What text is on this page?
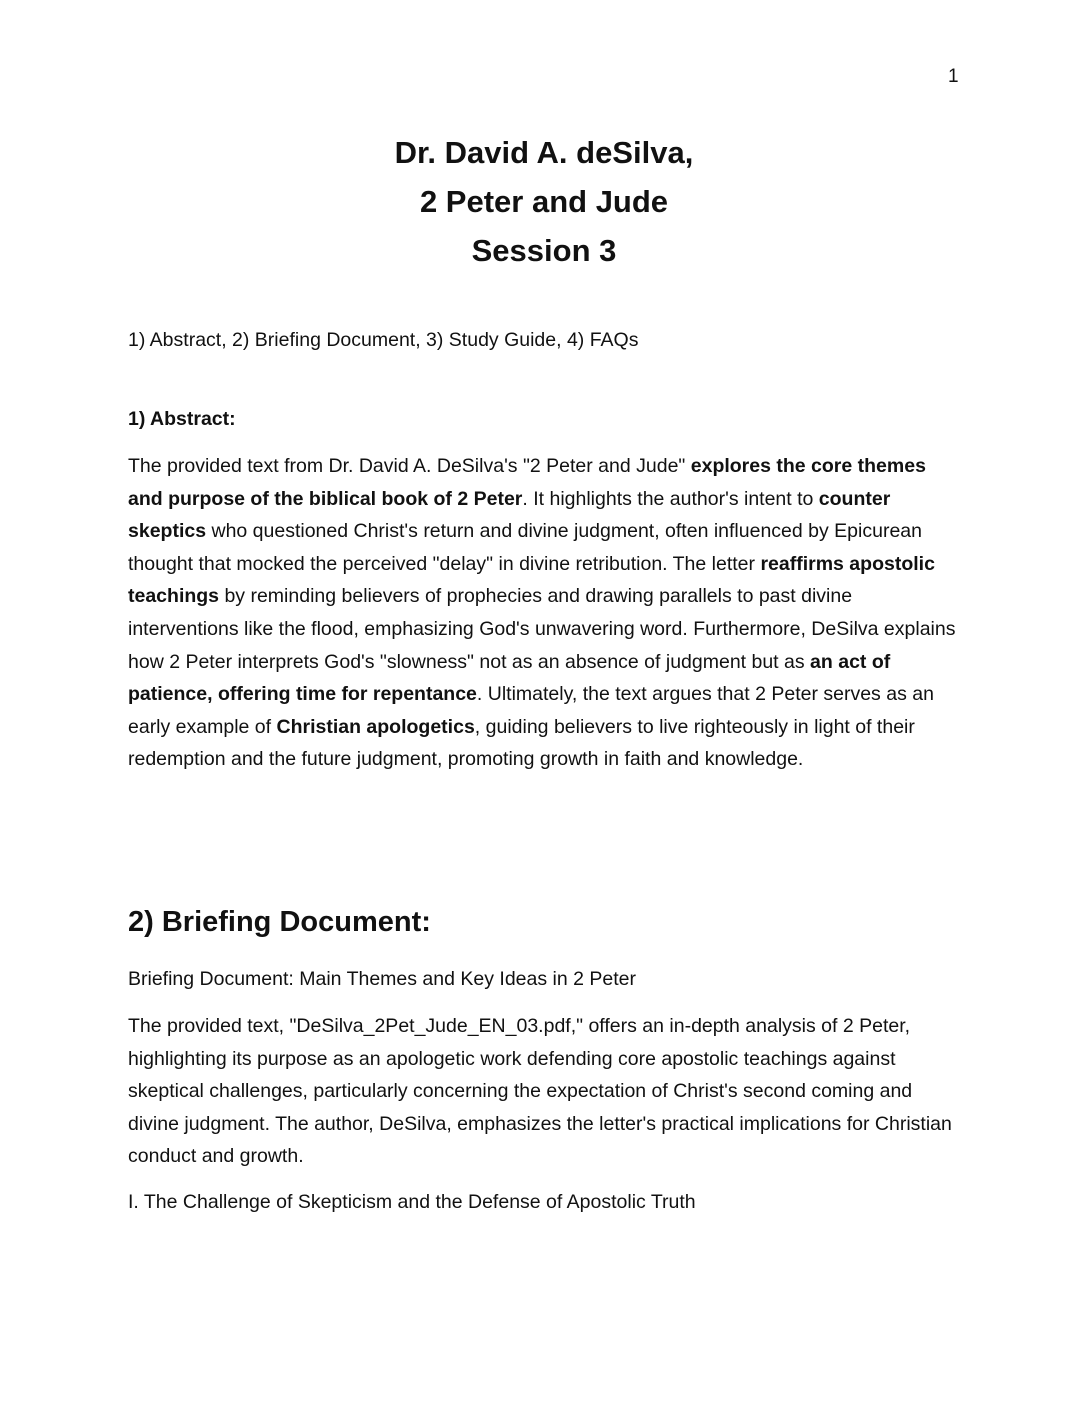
1
Dr. David A. deSilva,
2 Peter and Jude
Session 3
1) Abstract, 2) Briefing Document, 3) Study Guide, 4) FAQs
1) Abstract:
The provided text from Dr. David A. DeSilva's "2 Peter and Jude" explores the core themes and purpose of the biblical book of 2 Peter. It highlights the author's intent to counter skeptics who questioned Christ's return and divine judgment, often influenced by Epicurean thought that mocked the perceived "delay" in divine retribution. The letter reaffirms apostolic teachings by reminding believers of prophecies and drawing parallels to past divine interventions like the flood, emphasizing God's unwavering word. Furthermore, DeSilva explains how 2 Peter interprets God's "slowness" not as an absence of judgment but as an act of patience, offering time for repentance. Ultimately, the text argues that 2 Peter serves as an early example of Christian apologetics, guiding believers to live righteously in light of their redemption and the future judgment, promoting growth in faith and knowledge.
2) Briefing Document:
Briefing Document: Main Themes and Key Ideas in 2 Peter
The provided text, "DeSilva_2Pet_Jude_EN_03.pdf," offers an in-depth analysis of 2 Peter, highlighting its purpose as an apologetic work defending core apostolic teachings against skeptical challenges, particularly concerning the expectation of Christ's second coming and divine judgment. The author, DeSilva, emphasizes the letter's practical implications for Christian conduct and growth.
I. The Challenge of Skepticism and the Defense of Apostolic Truth
